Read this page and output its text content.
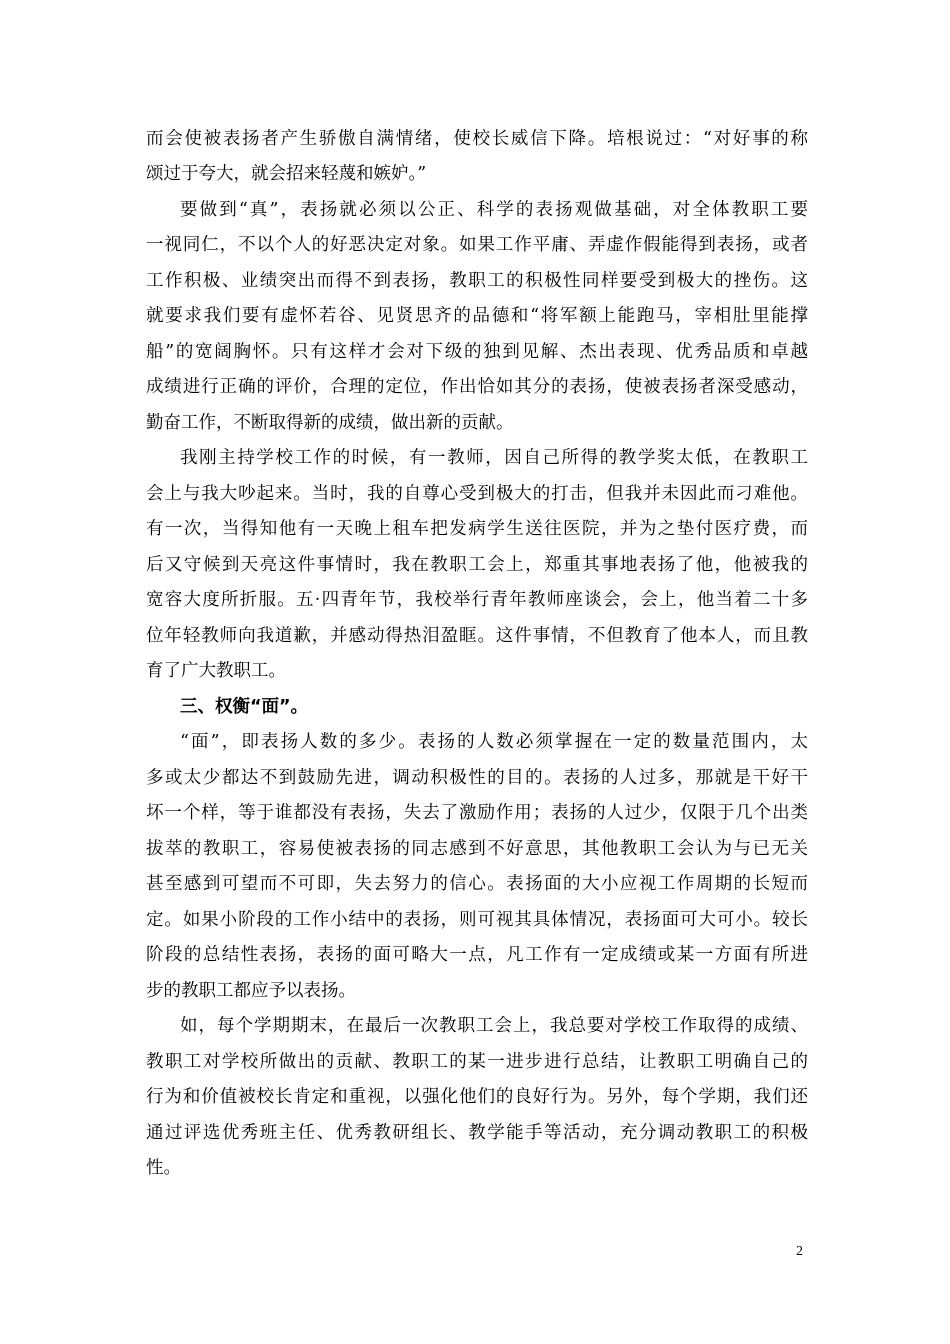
而会使被表扬者产生骄傲自满情绪，使校长威信下降。培根说过：“对好事的称
颂过于夸大，就会招来轻蔑和嫉妒。”
要做到“真”，表扬就必须以公正、科学的表扬观做基础，对全体教职工要
一视同仁，不以个人的好恶决定对象。如果工作平庸、弄虚作假能得到表扬，或者
工作积极、业绩突出而得不到表扬，教职工的积极性同样要受到极大的挫伤。这
就要求我们要有虚怀若谷、见贤思齐的品德和“将军额上能跑马，宰相肚里能撑
船”的宽阔胸怀。只有这样才会对下级的独到见解、杰出表现、优秀品质和卓越
成绩进行正确的评价，合理的定位，作出恰如其分的表扬，使被表扬者深受感动，
勤奋工作，不断取得新的成绩，做出新的贡献。
我刚主持学校工作的时候，有一教师，因自己所得的教学奖太低，在教职工
会上与我大吵起来。当时，我的自尊心受到极大的打击，但我并未因此而刁难他。
有一次，当得知他有一天晚上租车把发病学生送往医院，并为之垫付医疗费，而
后又守候到天亮这件事情时，我在教职工会上，郑重其事地表扬了他，他被我的
宽容大度所折服。五·四青年节，我校举行青年教师座谈会，会上，他当着二十多
位年轻教师向我道歉，并感动得热泪盈眶。这件事情，不但教育了他本人，而且教
育了广大教职工。
三、权衡“面”。
“面”，即表扬人数的多少。表扬的人数必须掌握在一定的数量范围内，太
多或太少都达不到鼓励先进，调动积极性的目的。表扬的人过多，那就是干好干
坏一个样，等于谁都没有表扬，失去了激励作用；表扬的人过少，仅限于几个出类
拔萃的教职工，容易使被表扬的同志感到不好意思，其他教职工会认为与已无关
甚至感到可望而不可即，失去努力的信心。表扬面的大小应视工作周期的长短而
定。如果小阶段的工作小结中的表扬，则可视其具体情况，表扬面可大可小。较长
阶段的总结性表扬，表扬的面可略大一点，凡工作有一定成绩或某一方面有所进
步的教职工都应予以表扬。
如，每个学期期末，在最后一次教职工会上，我总要对学校工作取得的成绩、
教职工对学校所做出的贡献、教职工的某一进步进行总结，让教职工明确自己的
行为和价值被校长肯定和重视，以强化他们的良好行为。另外，每个学期，我们还
通过评选优秀班主任、优秀教研组长、教学能手等活动，充分调动教职工的积极
性。
2
